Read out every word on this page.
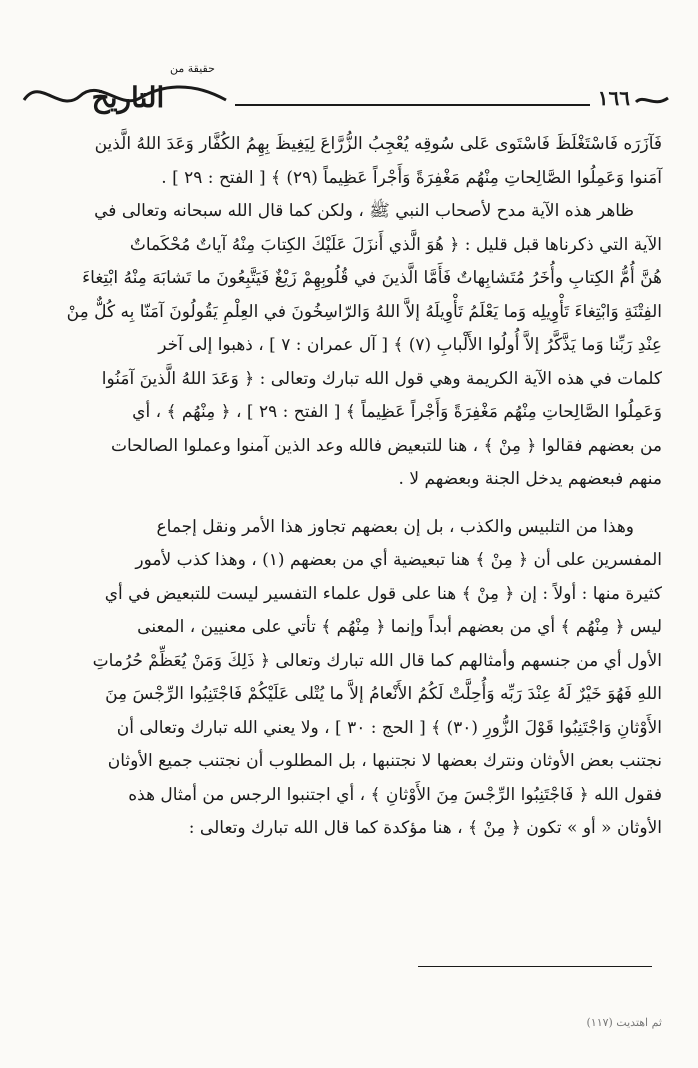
حقيقة من
التاريخ	١٦٦

فَآزَرَه فَاسْتَغْلَظَ فَاسْتَوى عَلى سُوقِه يُعْجِبُ الزُّرَّاعَ لِيَغِيظَ بِهِمُ الكُفَّار وَعَدَ اللهُ الَّذين

آمَنوا وَعَمِلُوا الصَّالِحاتِ مِنْهُم مَغْفِرَةً وَأَجْراً عَظِيماً (٢٩) ﴾ [ الفتح : ٢٩ ] .

ظاهر هذه الآية مدح لأصحاب النبي ﷺ ، ولكن كما قال الله سبحانه وتعالى في

الآية التي ذكرناها قبل قليل : ﴿ هُوَ الَّذي أَنزَلَ عَلَيْكَ الكِتابَ مِنْهُ آياتٌ مُحْكَماتٌ

هُنَّ أُمُّ الكِتابِ وأُخَرُ مُتَشابِهاتٌ فَأَمَّا الَّذينَ في قُلُوبِهِمْ زَيْغٌ فَيَتَّبِعُونَ ما تَشابَهَ مِنْهُ ابْتِغاءَ

الفِتْنَةِ وَابْتِغاءَ تَأْوِيلِه وَما يَعْلَمُ تَأْوِيلَهُ إلاَّ اللهُ وَالرّاسِخُونَ في العِلْمِ يَقُولُونَ آمَنّا بِه كُلٌّ مِنْ

عِنْدِ رَبِّنا وَما يَذَّكَّرُ إلاَّ أُولُوا الأَلْبابِ (٧) ﴾ [ آل عمران : ٧ ] ، ذهبوا إلى آخر

كلمات في هذه الآية الكريمة وهي قول الله تبارك وتعالى : ﴿ وَعَدَ اللهُ الَّذينَ آمَنُوا

وَعَمِلُوا الصَّالِحاتِ مِنْهُم مَغْفِرَةً وَأَجْراً عَظِيماً ﴾ [ الفتح : ٢٩ ] ، ﴿ مِنْهُم ﴾ ، أي

من بعضهم فقالوا ﴿ مِنْ ﴾ ، هنا للتبعيض فالله وعد الذين آمنوا وعملوا الصالحات

منهم فبعضهم يدخل الجنة وبعضهم لا .

وهذا من التلبيس والكذب ، بل إن بعضهم تجاوز هذا الأمر ونقل إجماع

المفسرين على أن ﴿ مِنْ ﴾ هنا تبعيضية أي من بعضهم (١) ، وهذا كذب لأمور

كثيرة منها : أولاً : إن ﴿ مِنْ ﴾ هنا على قول علماء التفسير ليست للتبعيض في أي

ليس ﴿ مِنْهُم ﴾ أي من بعضهم أبداً وإنما ﴿ مِنْهُم ﴾ تأتي على معنيين ، المعنى

الأول أي من جنسهم وأمثالهم كما قال الله تبارك وتعالى ﴿ ذَلِكَ وَمَنْ يُعَظِّمْ حُرُماتِ

اللهِ فَهُوَ خَيْرٌ لَهُ عِنْدَ رَبِّه وَأُحِلَّتْ لَكُمُ الأَنْعامُ إلاَّ ما يُتْلى عَلَيْكُمْ فَاجْتَنِبُوا الرِّجْسَ مِنَ

الأَوْثانِ وَاجْتَنِبُوا قَوْلَ الزُّورِ (٣٠) ﴾ [ الحج : ٣٠ ] ، ولا يعني الله تبارك وتعالى أن

نجتنب بعض الأوثان ونترك بعضها لا نجتنبها ، بل المطلوب أن نجتنب جميع الأوثان

فقول الله ﴿ فَاجْتَنِبُوا الرِّجْسَ مِنَ الأَوْثانِ ﴾ ، أي اجتنبوا الرجس من أمثال هذه

الأوثان « أو » تكون ﴿ مِنْ ﴾ ، هنا مؤكدة كما قال الله تبارك وتعالى :

ثم اهتديت (١١٧)
